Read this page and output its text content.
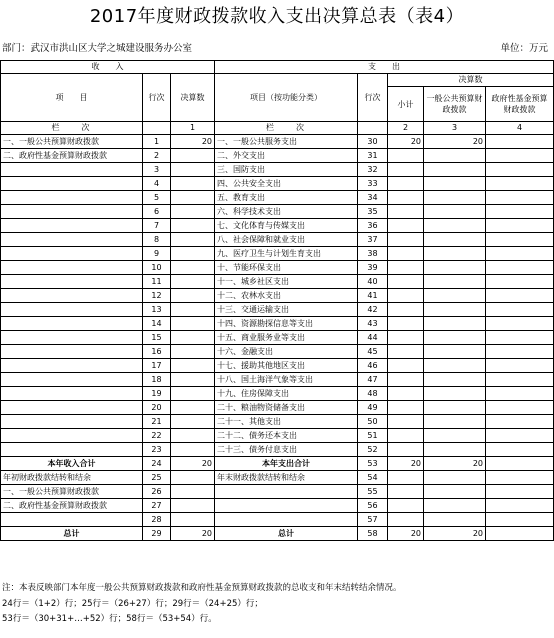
2017年度财政拨款收入支出决算总表（表4）
部门：武汉市洪山区大学之城建设服务办公室	单位：万元
收　　入			支　　出				
项　　目	行次	决算数	项目（按功能分类）	行次	决算数		
					小计	一般公共预算财政拨款	政府性基金预算财政拨款
栏　　次		1	栏　　次		2	3	4
一、一般公共预算财政拨款	1	20	一、一般公共服务支出	30	20	20	
二、政府性基金预算财政拨款	2		二、外交支出	31			
	3		三、国防支出	32			
	4		四、公共安全支出	33			
	5		五、教育支出	34			
	6		六、科学技术支出	35			
	7		七、文化体育与传媒支出	36			
	8		八、社会保障和就业支出	37			
	9		九、医疗卫生与计划生育支出	38			
	10		十、节能环保支出	39			
	11		十一、城乡社区支出	40			
	12		十二、农林水支出	41			
	13		十三、交通运输支出	42			
	14		十四、资源勘探信息等支出	43			
	15		十五、商业服务业等支出	44			
	16		十六、金融支出	45			
	17		十七、援助其他地区支出	46			
	18		十八、国土海洋气象等支出	47			
	19		十九、住房保障支出	48			
	20		二十、粮油物资储备支出	49			
	21		二十一、其他支出	50			
	22		二十二、债务还本支出	51			
	23		二十三、债务付息支出	52			
本年收入合计	24	20	本年支出合计	53	20	20	
年初财政拨款结转和结余	25		年末财政拨款结转和结余	54			
一、一般公共预算财政拨款	26			55			
二、政府性基金预算财政拨款	27			56			
	28			57			
总计	29	20	总计	58	20	20	
注：本表反映部门本年度一般公共预算财政拨款和政府性基金预算财政拨款的总收支和年末结转结余情况。
24行＝（1+2）行；25行＝（26+27）行；29行＝（24+25）行；
53行＝（30+31+…+52）行；58行＝（53+54）行。
